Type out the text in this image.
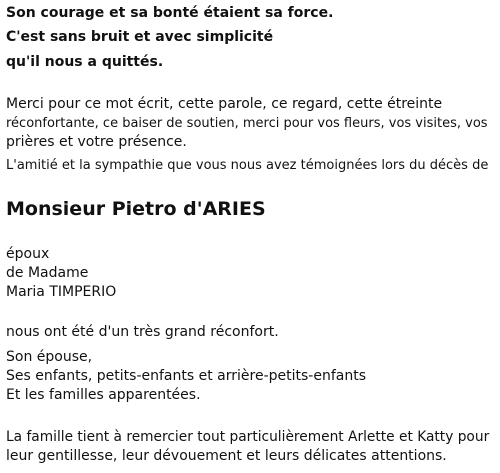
Son courage et sa bonté étaient sa force.
C'est sans bruit et avec simplicité
qu'il nous a quittés.
Merci pour ce mot écrit, cette parole, ce regard, cette étreinte
réconfortante, ce baiser de soutien, merci pour vos fleurs, vos visites, vos
prières et votre présence.
L'amitié et la sympathie que vous nous avez témoignées lors du décès de
Monsieur Pietro d'ARIES
époux
de Madame
Maria TIMPERIO
nous ont été d'un très grand réconfort.
Son épouse,
Ses enfants, petits-enfants et arrière-petits-enfants
Et les familles apparentées.
La famille tient à remercier tout particulièrement Arlette et Katty pour
leur gentillesse, leur dévouement et leurs délicates attentions.
